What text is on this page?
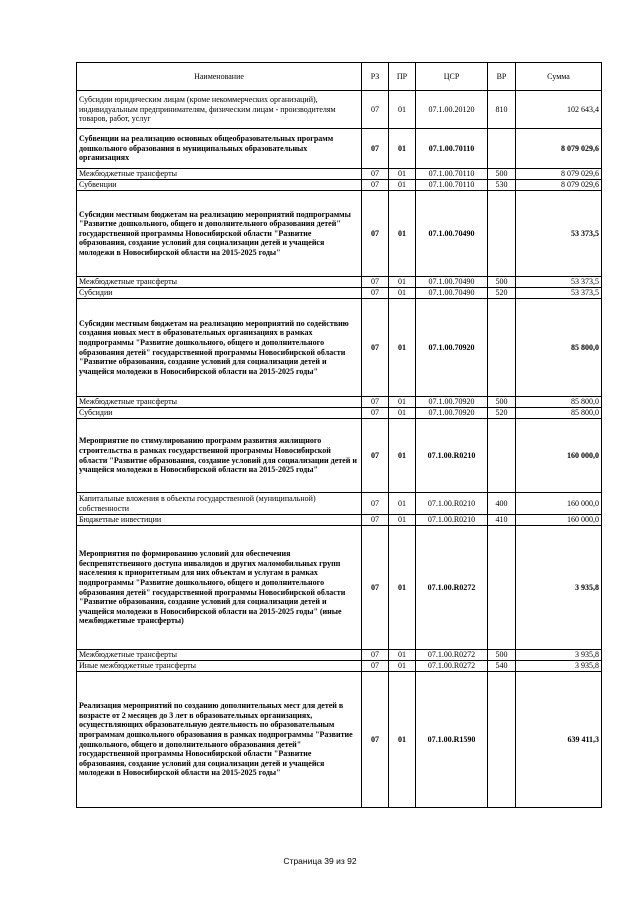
Наименование	РЗ	ПР	ЦСР	ВР	Сумма
Субсидии юридическим лицам (кроме некоммерческих организаций), индивидуальным предпринимателям, физическим лицам - производителям товаров, работ, услуг	07	01	07.1.00.20120	810	102 643,4
Субвенции на реализацию основных общеобразовательных программ дошкольного образования в муниципальных образовательных организациях	07	01	07.1.00.70110		8 079 029,6
Межбюджетные трансферты	07	01	07.1.00.70110	500	8 079 029,6
Субвенции	07	01	07.1.00.70110	530	8 079 029,6
Субсидии местным бюджетам на реализацию мероприятий подпрограммы "Развитие дошкольного, общего и дополнительного образования детей" государственной программы Новосибирской области "Развитие образования, создание условий для социализации детей и учащейся молодежи в Новосибирской области на 2015-2025 годы"	07	01	07.1.00.70490		53 373,5
Межбюджетные трансферты	07	01	07.1.00.70490	500	53 373,5
Субсидии	07	01	07.1.00.70490	520	53 373,5
Субсидии местным бюджетам на реализацию мероприятий по содействию создания новых мест в образовательных организациях в рамках подпрограммы "Развитие дошкольного, общего и дополнительного образования детей" государственной программы Новосибирской области "Развитие образования, создание условий для социализации детей и учащейся молодежи в Новосибирской области на 2015-2025 годы"	07	01	07.1.00.70920		85 800,0
Межбюджетные трансферты	07	01	07.1.00.70920	500	85 800,0
Субсидии	07	01	07.1.00.70920	520	85 800,0
Мероприятие по стимулированию программ развития жилищного строительства в рамках государственной программы Новосибирской области "Развитие образования, создание условий для социализации детей и учащейся молодежи в Новосибирской области на 2015-2025 годы"	07	01	07.1.00.R0210		160 000,0
Капитальные вложения в объекты государственной (муниципальной) собственности	07	01	07.1.00.R0210	400	160 000,0
Бюджетные инвестиции	07	01	07.1.00.R0210	410	160 000,0
Мероприятия по формированию условий для обеспечения беспрепятственного доступа инвалидов и других маломобильных групп населения к приоритетным для них объектам и услугам в рамках подпрограммы "Развитие дошкольного, общего и дополнительного образования детей" государственной программы Новосибирской области "Развитие образования, создание условий для социализации детей и учащейся молодежи в Новосибирской области на 2015-2025 годы" (иные межбюджетные трансферты)	07	01	07.1.00.R0272		3 935,8
Межбюджетные трансферты	07	01	07.1.00.R0272	500	3 935,8
Иные межбюджетные трансферты	07	01	07.1.00.R0272	540	3 935,8
Реализация мероприятий по созданию дополнительных мест для детей в возрасте от 2 месяцев до 3 лет в образовательных организациях, осуществляющих образовательную деятельность по образовательным программам дошкольного образования в рамках подпрограммы "Развитие дошкольного, общего и дополнительного образования детей" государственной программы Новосибирской области "Развитие образования, создание условий для социализации детей и учащейся молодежи в Новосибирской области на 2015-2025 годы"	07	01	07.1.00.R1590		639 411,3
Страница 39 из 92
